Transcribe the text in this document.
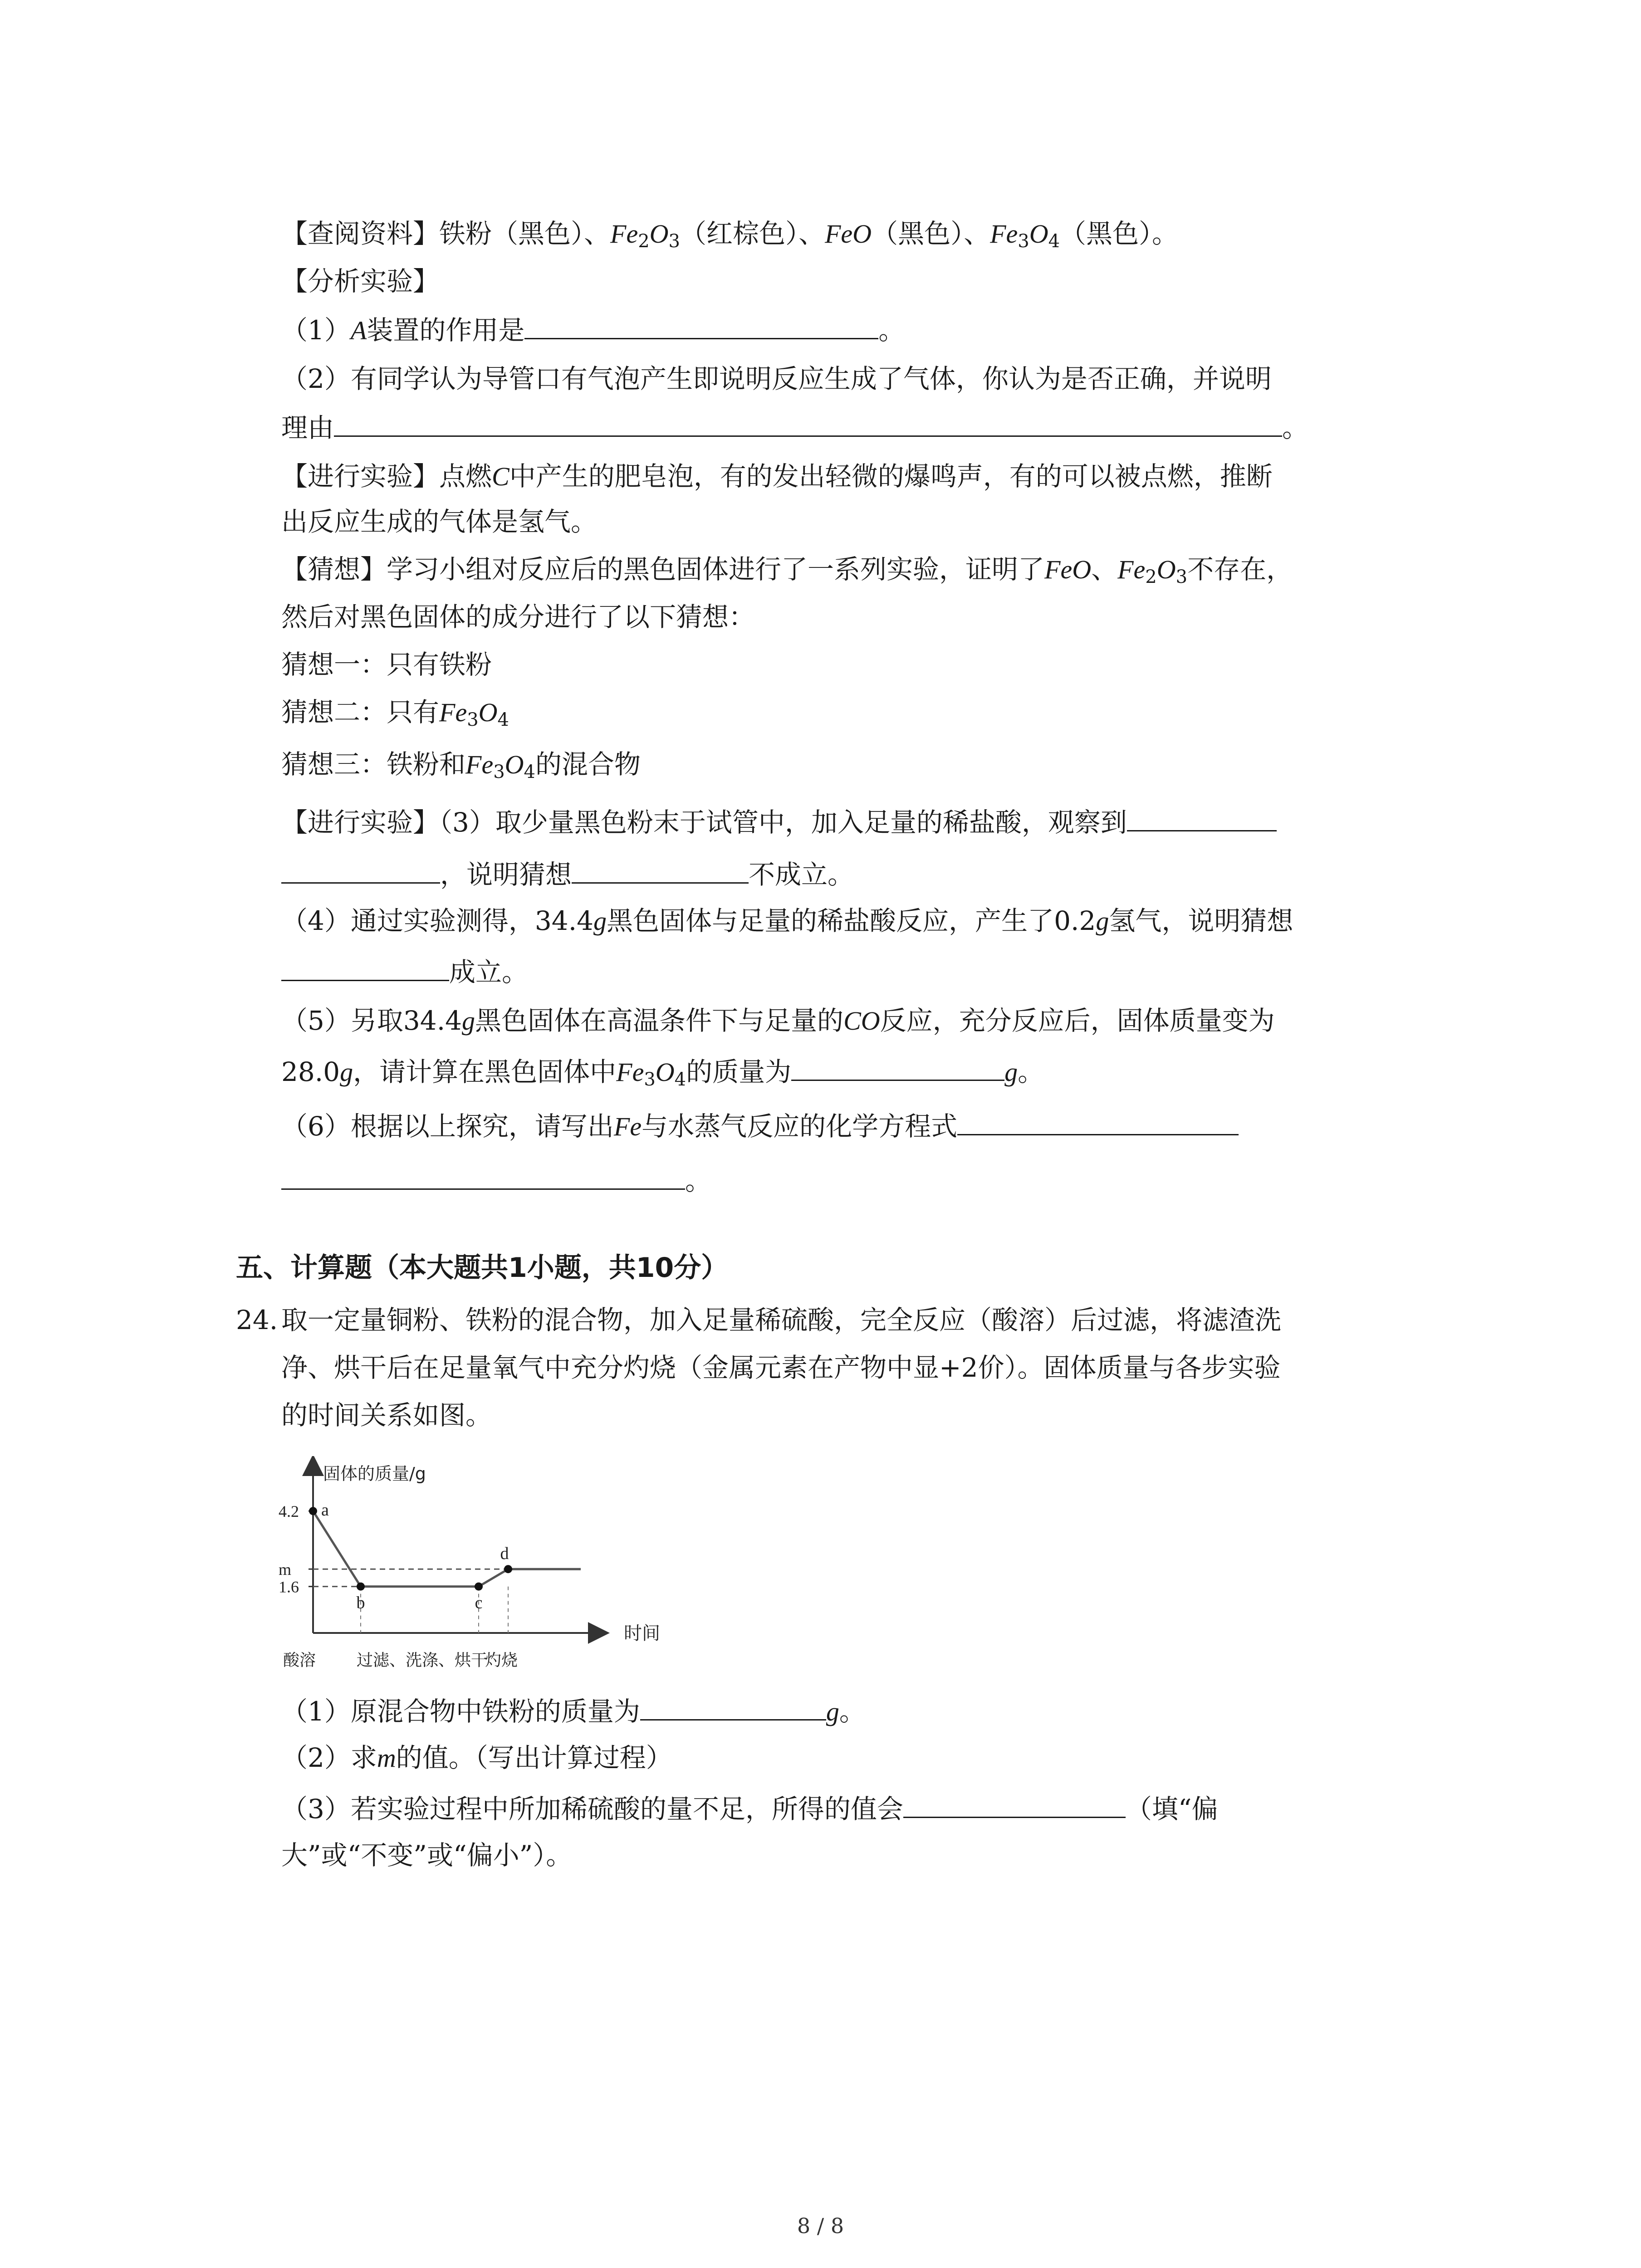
【查阅资料】铁粉（黑色）、$Fe_2O_3$（红棕色）、FeO（黑色）、$Fe_3O_4$（黑色）。
【分析实验】
（1）A装置的作用是	。
（2）有同学认为导管口有气泡产生即说明反应生成了气体，你认为是否正确，并说明
理由	。
【进行实验】点燃C中产生的肥皂泡，有的发出轻微的爆鸣声，有的可以被点燃，推断
出反应生成的气体是氢气。
【猜想】学习小组对反应后的黑色固体进行了一系列实验，证明了FeO、$Fe_2O_3$不存在，
然后对黑色固体的成分进行了以下猜想：
猜想一：只有铁粉
猜想二：只有$Fe_3O_4$
猜想三：铁粉和$Fe_3O_4$的混合物
【进行实验】（3）取少量黑色粉末于试管中，加入足量的稀盐酸，观察到
，说明猜想	不成立。
（4）通过实验测得，34.4g黑色固体与足量的稀盐酸反应，产生了0.2g氢气，说明猜想
成立。
（5）另取34.4g黑色固体在高温条件下与足量的CO反应，充分反应后，固体质量变为
28.0g，请计算在黑色固体中$Fe_3O_4$的质量为	g。
（6）根据以上探究，请写出Fe与水蒸气反应的化学方程式
。
五、计算题（本大题共1小题，共10分）
24. 取一定量铜粉、铁粉的混合物，加入足量稀硫酸，完全反应（酸溶）后过滤，将滤渣洗
净、烘干后在足量氧气中充分灼烧（金属元素在产物中显+2价）。固体质量与各步实验
的时间关系如图。
固体的质量/g
时间
4.2
m
1.6
a
b	c
d
酸溶 过滤、洗涤、烘干
灼烧
（1）原混合物中铁粉的质量为	g。
（2）求m的值。（写出计算过程）
（3）若实验过程中所加稀硫酸的量不足，所得的值会	（填“偏
大”或“不变”或“偏小”）。
8 / 8
